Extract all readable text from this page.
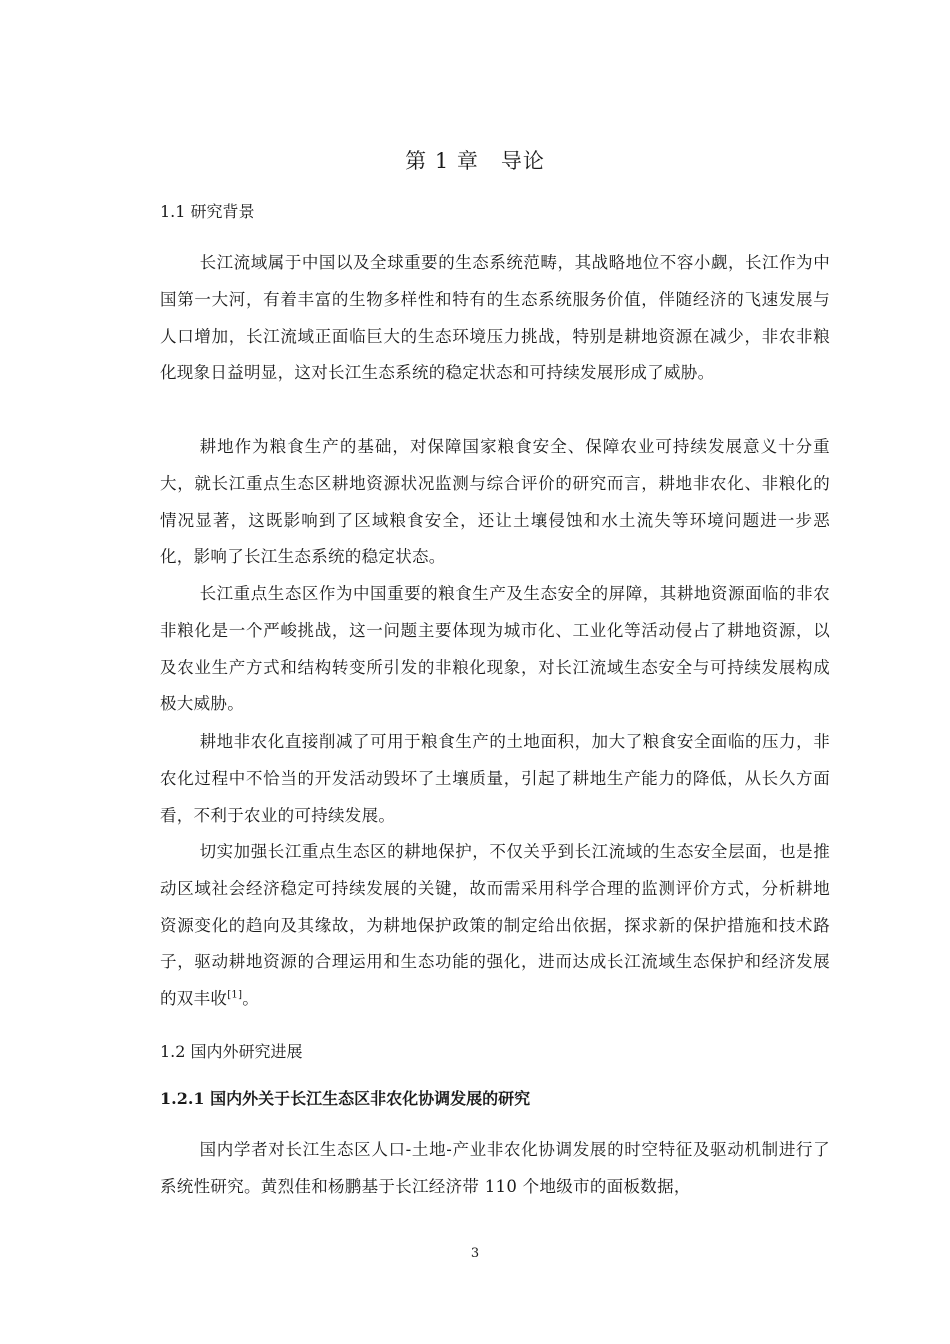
第 1 章　导论
1.1 研究背景

长江流域属于中国以及全球重要的生态系统范畴，其战略地位不容小觑，长江作为中国第一大河，有着丰富的生物多样性和特有的生态系统服务价值，伴随经济的飞速发展与人口增加，长江流域正面临巨大的生态环境压力挑战，特别是耕地资源在减少，非农非粮化现象日益明显，这对长江生态系统的稳定状态和可持续发展形成了威胁。

耕地作为粮食生产的基础，对保障国家粮食安全、保障农业可持续发展意义十分重大，就长江重点生态区耕地资源状况监测与综合评价的研究而言，耕地非农化、非粮化的情况显著，这既影响到了区域粮食安全，还让土壤侵蚀和水土流失等环境问题进一步恶化，影响了长江生态系统的稳定状态。

长江重点生态区作为中国重要的粮食生产及生态安全的屏障，其耕地资源面临的非农非粮化是一个严峻挑战，这一问题主要体现为城市化、工业化等活动侵占了耕地资源，以及农业生产方式和结构转变所引发的非粮化现象，对长江流域生态安全与可持续发展构成极大威胁。

耕地非农化直接削减了可用于粮食生产的土地面积，加大了粮食安全面临的压力，非农化过程中不恰当的开发活动毁坏了土壤质量，引起了耕地生产能力的降低，从长久方面看，不利于农业的可持续发展。

切实加强长江重点生态区的耕地保护，不仅关乎到长江流域的生态安全层面，也是推动区域社会经济稳定可持续发展的关键，故而需采用科学合理的监测评价方式，分析耕地资源变化的趋向及其缘故，为耕地保护政策的制定给出依据，探求新的保护措施和技术路子，驱动耕地资源的合理运用和生态功能的强化，进而达成长江流域生态保护和经济发展的双丰收[1]。

1.2 国内外研究进展
1.2.1 国内外关于长江生态区非农化协调发展的研究

国内学者对长江生态区人口-土地-产业非农化协调发展的时空特征及驱动机制进行了系统性研究。黄烈佳和杨鹏基于长江经济带 110 个地级市的面板数据，

3
